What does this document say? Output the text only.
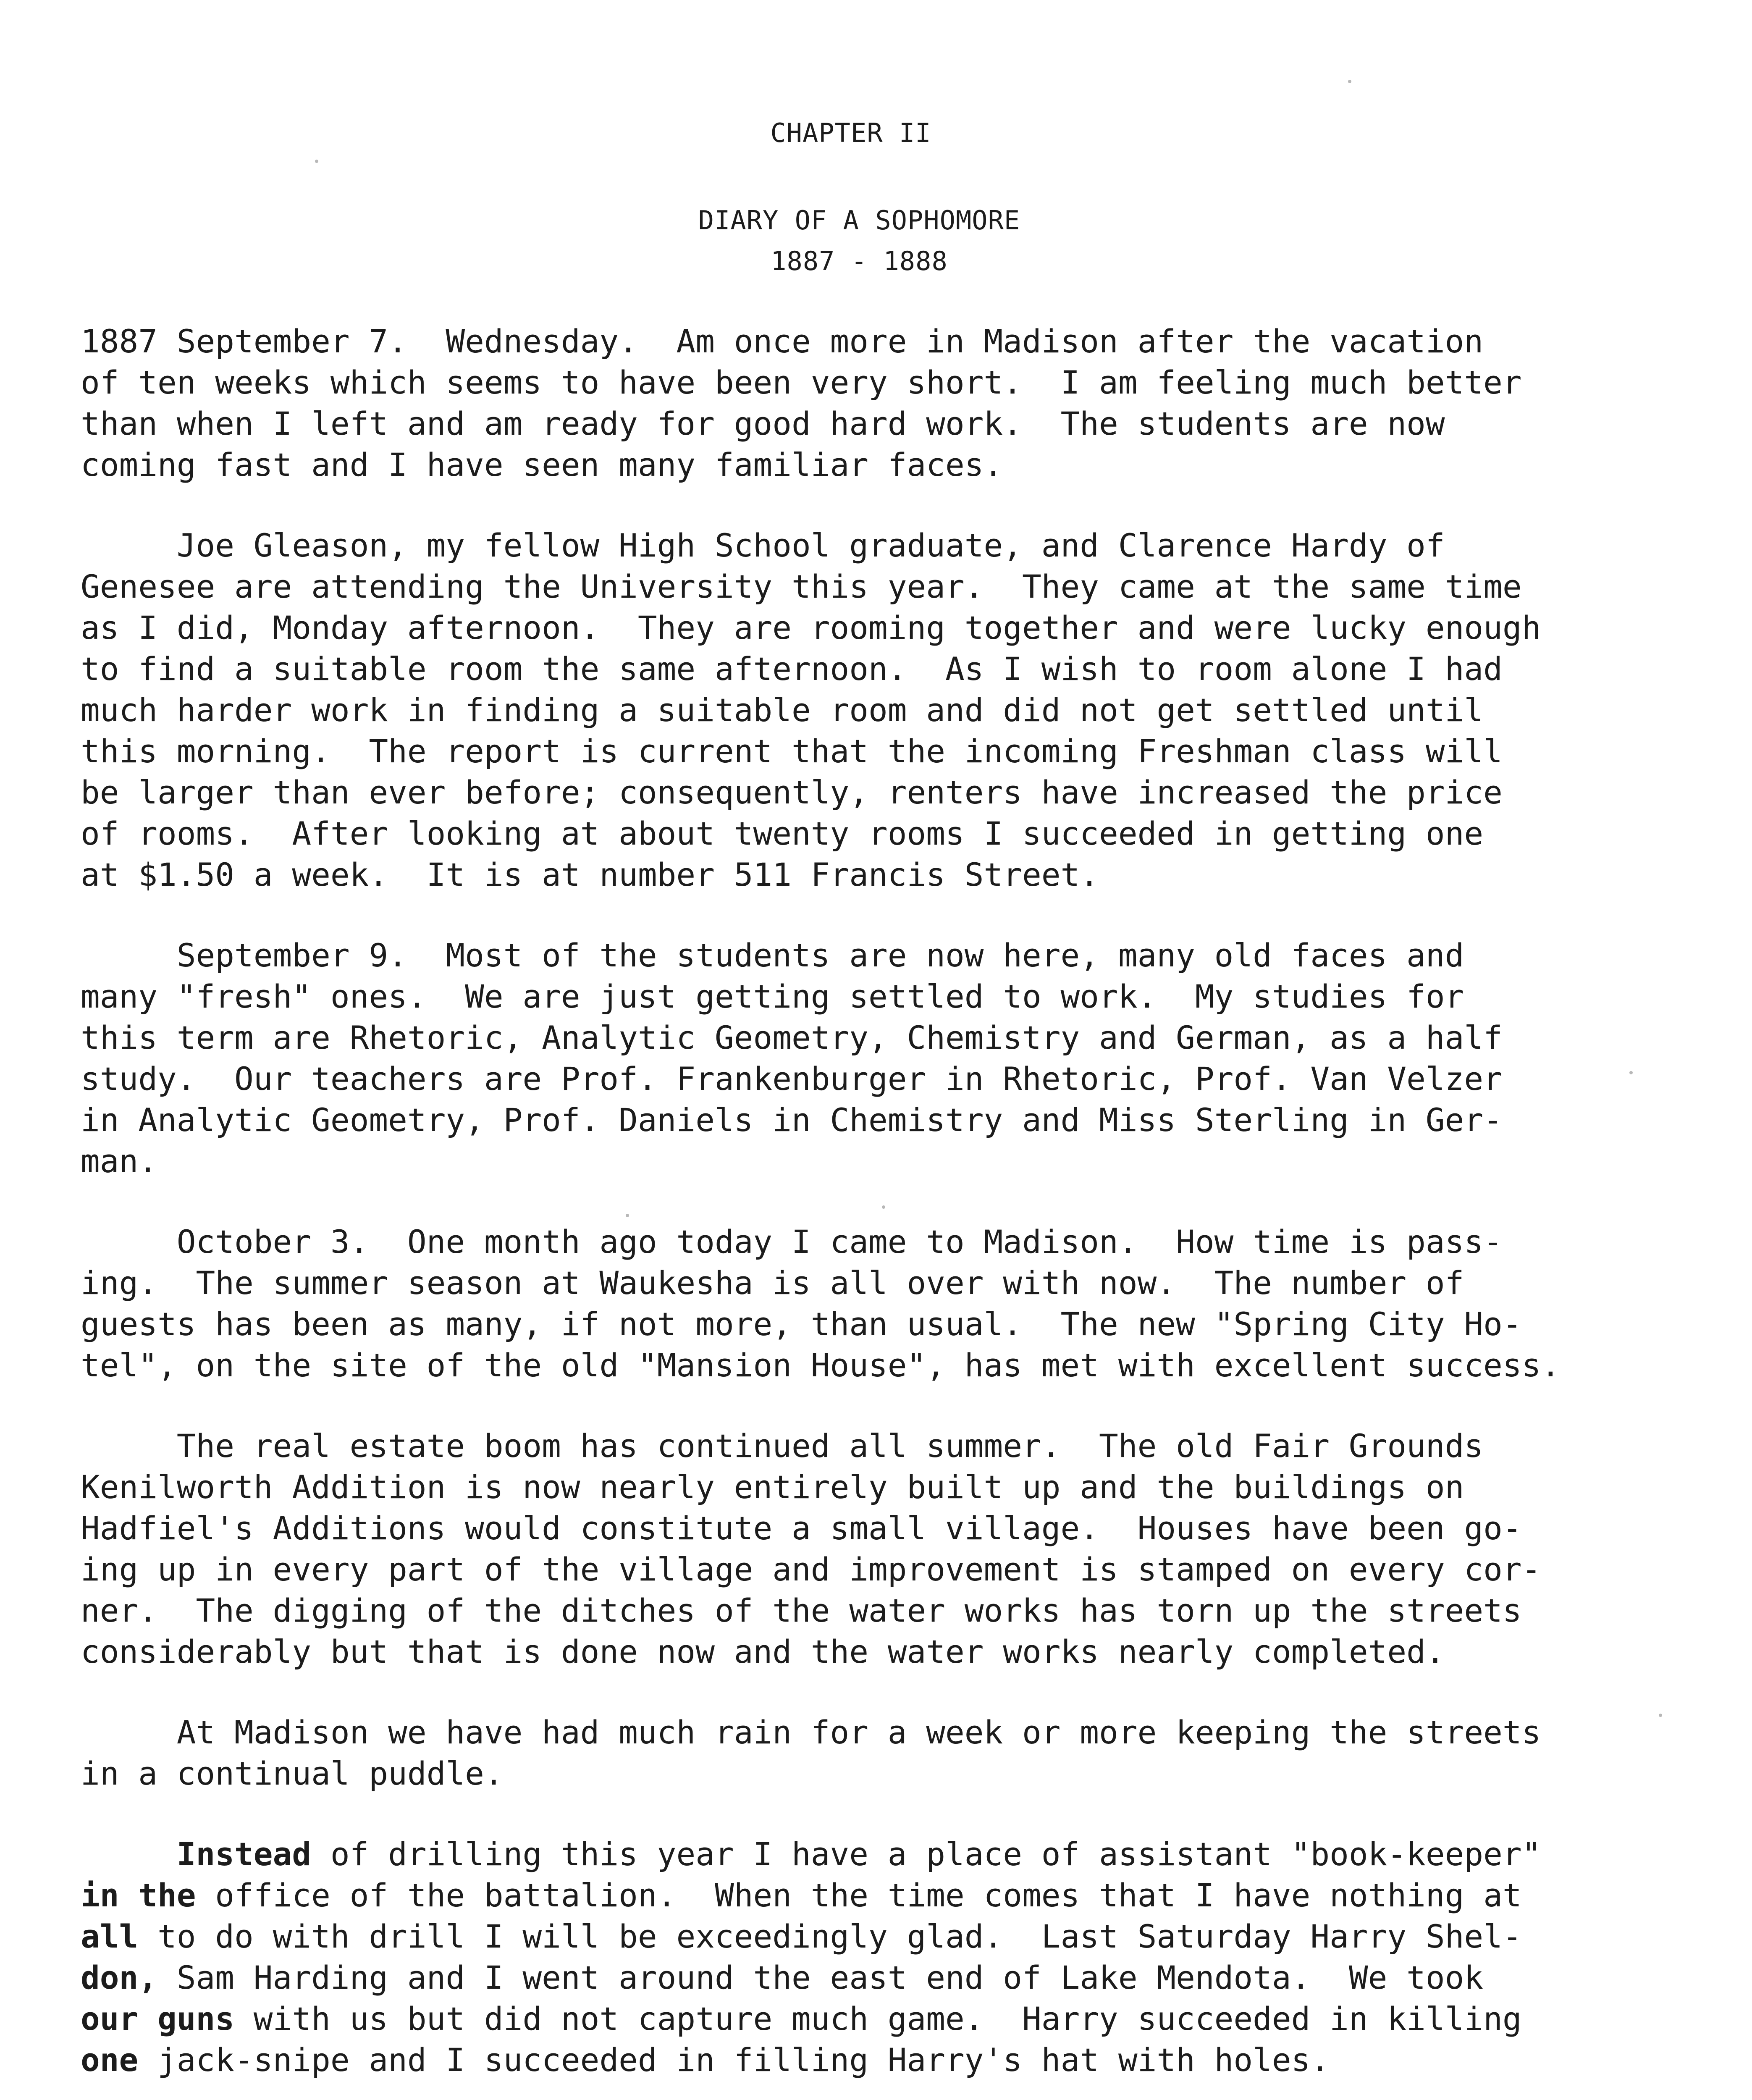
CHAPTER II
DIARY OF A SOPHOMORE
1887 - 1888
1887 September 7.  Wednesday.  Am once more in Madison after the vacation
of ten weeks which seems to have been very short.  I am feeling much better
than when I left and am ready for good hard work.  The students are now
coming fast and I have seen many familiar faces.
Joe Gleason, my fellow High School graduate, and Clarence Hardy of
Genesee are attending the University this year.  They came at the same time
as I did, Monday afternoon.  They are rooming together and were lucky enough
to find a suitable room the same afternoon.  As I wish to room alone I had
much harder work in finding a suitable room and did not get settled until
this morning.  The report is current that the incoming Freshman class will
be larger than ever before; consequently, renters have increased the price
of rooms.  After looking at about twenty rooms I succeeded in getting one
at $1.50 a week.  It is at number 511 Francis Street.
September 9.  Most of the students are now here, many old faces and
many "fresh" ones.  We are just getting settled to work.  My studies for
this term are Rhetoric, Analytic Geometry, Chemistry and German, as a half
study.  Our teachers are Prof. Frankenburger in Rhetoric, Prof. Van Velzer
in Analytic Geometry, Prof. Daniels in Chemistry and Miss Sterling in Ger-
man.
October 3.  One month ago today I came to Madison.  How time is pass-
ing.  The summer season at Waukesha is all over with now.  The number of
guests has been as many, if not more, than usual.  The new "Spring City Ho-
tel", on the site of the old "Mansion House", has met with excellent success.
The real estate boom has continued all summer.  The old Fair Grounds
Kenilworth Addition is now nearly entirely built up and the buildings on
Hadfiel's Additions would constitute a small village.  Houses have been go-
ing up in every part of the village and improvement is stamped on every cor-
ner.  The digging of the ditches of the water works has torn up the streets
considerably but that is done now and the water works nearly completed.
At Madison we have had much rain for a week or more keeping the streets
in a continual puddle.
Instead of drilling this year I have a place of assistant "book-keeper"
in the office of the battalion.  When the time comes that I have nothing at
all to do with drill I will be exceedingly glad.  Last Saturday Harry Shel-
don, Sam Harding and I went around the east end of Lake Mendota.  We took
our guns with us but did not capture much game.  Harry succeeded in killing
one jack-snipe and I succeeded in filling Harry's hat with holes.
